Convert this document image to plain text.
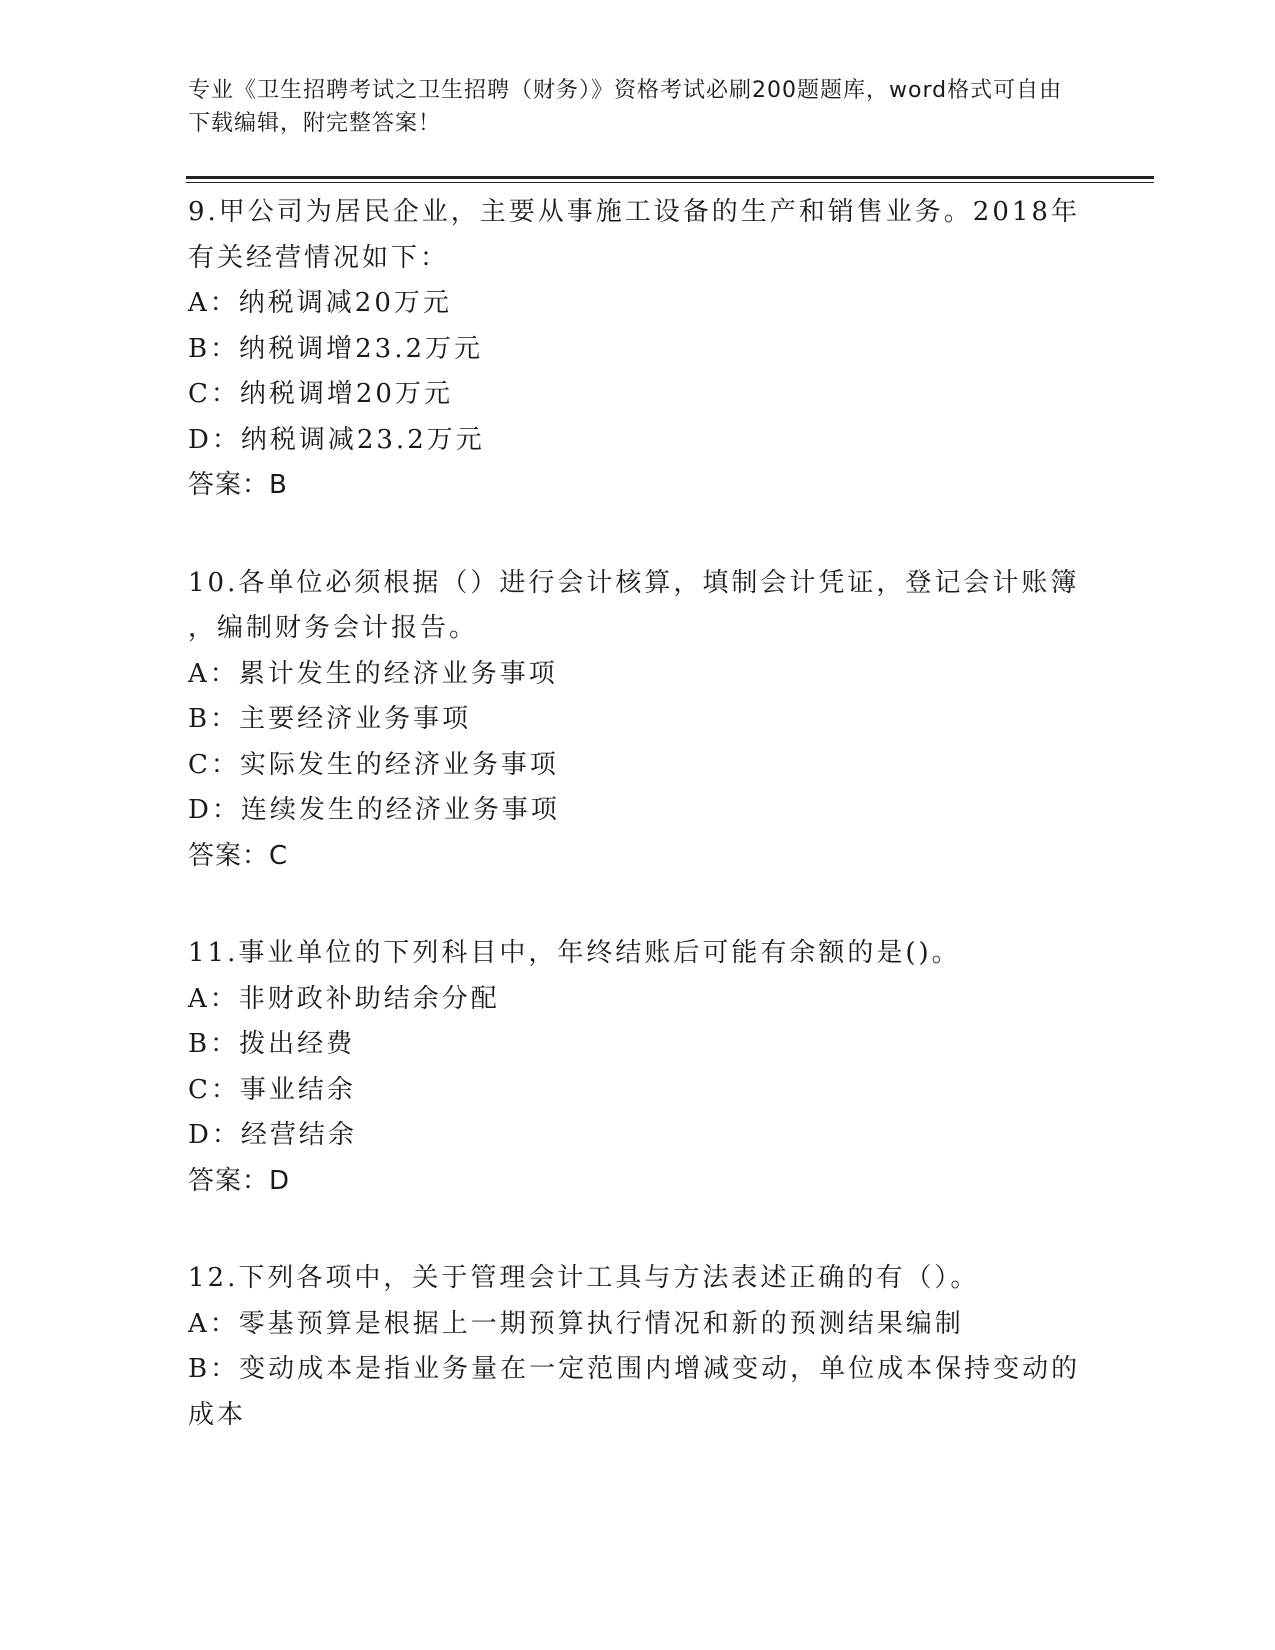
专业《卫生招聘考试之卫生招聘（财务）》资格考试必刷200题题库，word格式可自由下载编辑，附完整答案！
9.甲公司为居民企业，主要从事施工设备的生产和销售业务。2018年
有关经营情况如下：
A：纳税调减20万元
B：纳税调增23.2万元
C：纳税调增20万元
D：纳税调减23.2万元
答案：B
10.各单位必须根据（）进行会计核算，填制会计凭证，登记会计账簿
，编制财务会计报告。
A：累计发生的经济业务事项
B：主要经济业务事项
C：实际发生的经济业务事项
D：连续发生的经济业务事项
答案：C
11.事业单位的下列科目中，年终结账后可能有余额的是()。
A：非财政补助结余分配
B：拨出经费
C：事业结余
D：经营结余
答案：D
12.下列各项中，关于管理会计工具与方法表述正确的有（）。
A：零基预算是根据上一期预算执行情况和新的预测结果编制
B：变动成本是指业务量在一定范围内增减变动，单位成本保持变动的
成本
